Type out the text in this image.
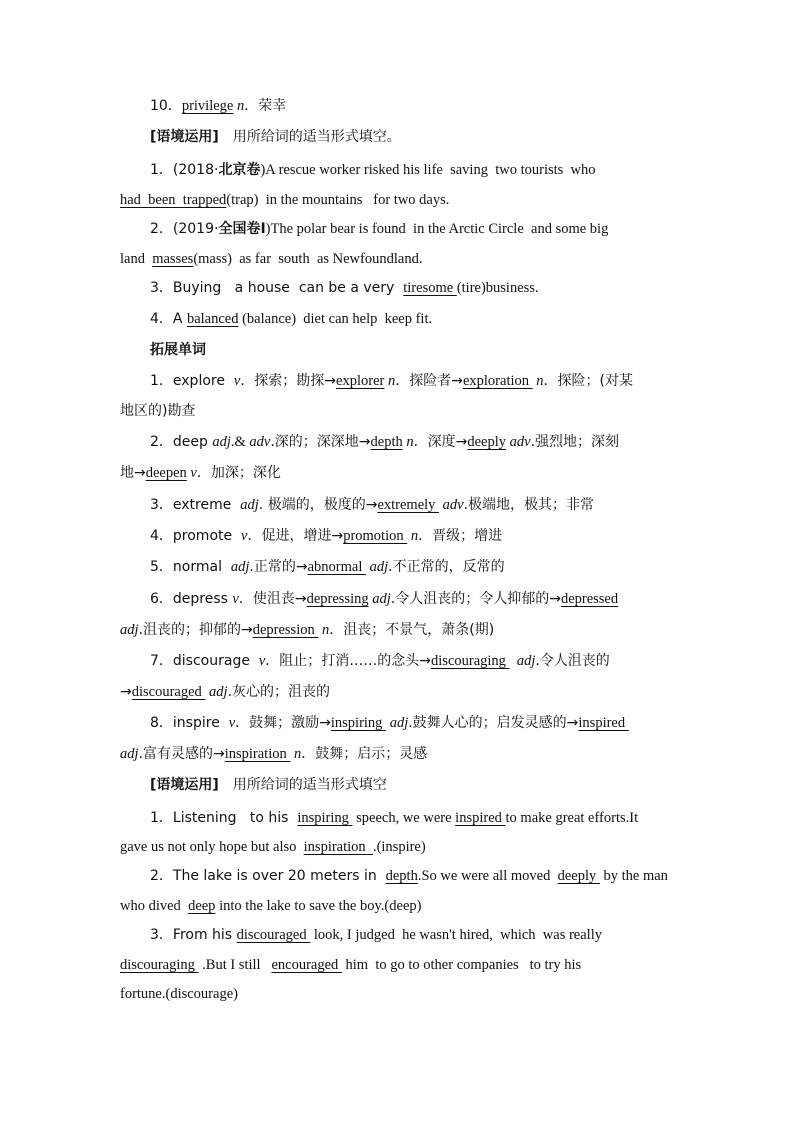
10．privilege n．荣幸
[语境运用]　用所给词的适当形式填空。
1．(2018·北京卷)A rescue worker risked his life  saving  two tourists  who
had  been  trapped(trap)  in the mountains   for two days.
2．(2019·全国卷Ⅰ)The polar bear is found  in the Arctic Circle  and some big
land  masses(mass)  as far  south  as Newfoundland.
3．Buying   a house  can be a very  tiresome (tire)business.
4．A balanced (balance)  diet can help  keep fit.
拓展单词
1．explore  v．探索；勘探→explorer n．探险者→exploration  n．探险；(对某
地区的)勘查
2．deep adj.& adv.深的；深深地→depth n．深度→deeply adv.强烈地；深刻
地→deepen v．加深；深化
3．extreme  adj. 极端的，极度的→extremely  adv.极端地，极其；非常
4．promote  v．促进，增进→promotion  n．晋级；增进
5．normal  adj.正常的→abnormal  adj.不正常的，反常的
6．depress v．使沮丧→depressing adj.令人沮丧的；令人抑郁的→depressed
adj.沮丧的；抑郁的→depression  n．沮丧；不景气，萧条(期)
7．discourage  v．阻止；打消……的念头→discouraging   adj.令人沮丧的
→discouraged  adj.灰心的；沮丧的
8．inspire  v．鼓舞；激励→inspiring  adj.鼓舞人心的；启发灵感的→inspired
adj.富有灵感的→inspiration  n．鼓舞；启示；灵感
[语境运用]　用所给词的适当形式填空
1．Listening   to his  inspiring  speech, we were inspired to make great efforts.It
gave us not only hope but also  inspiration  .(inspire)
2．The lake is over 20 meters in  depth.So we were all moved  deeply  by the man
who dived  deep into the lake to save the boy.(deep)
3．From his discouraged  look, I judged  he wasn't hired,  which  was really
discouraging  .But I still   encouraged  him  to go to other companies   to try his
fortune.(discourage)
